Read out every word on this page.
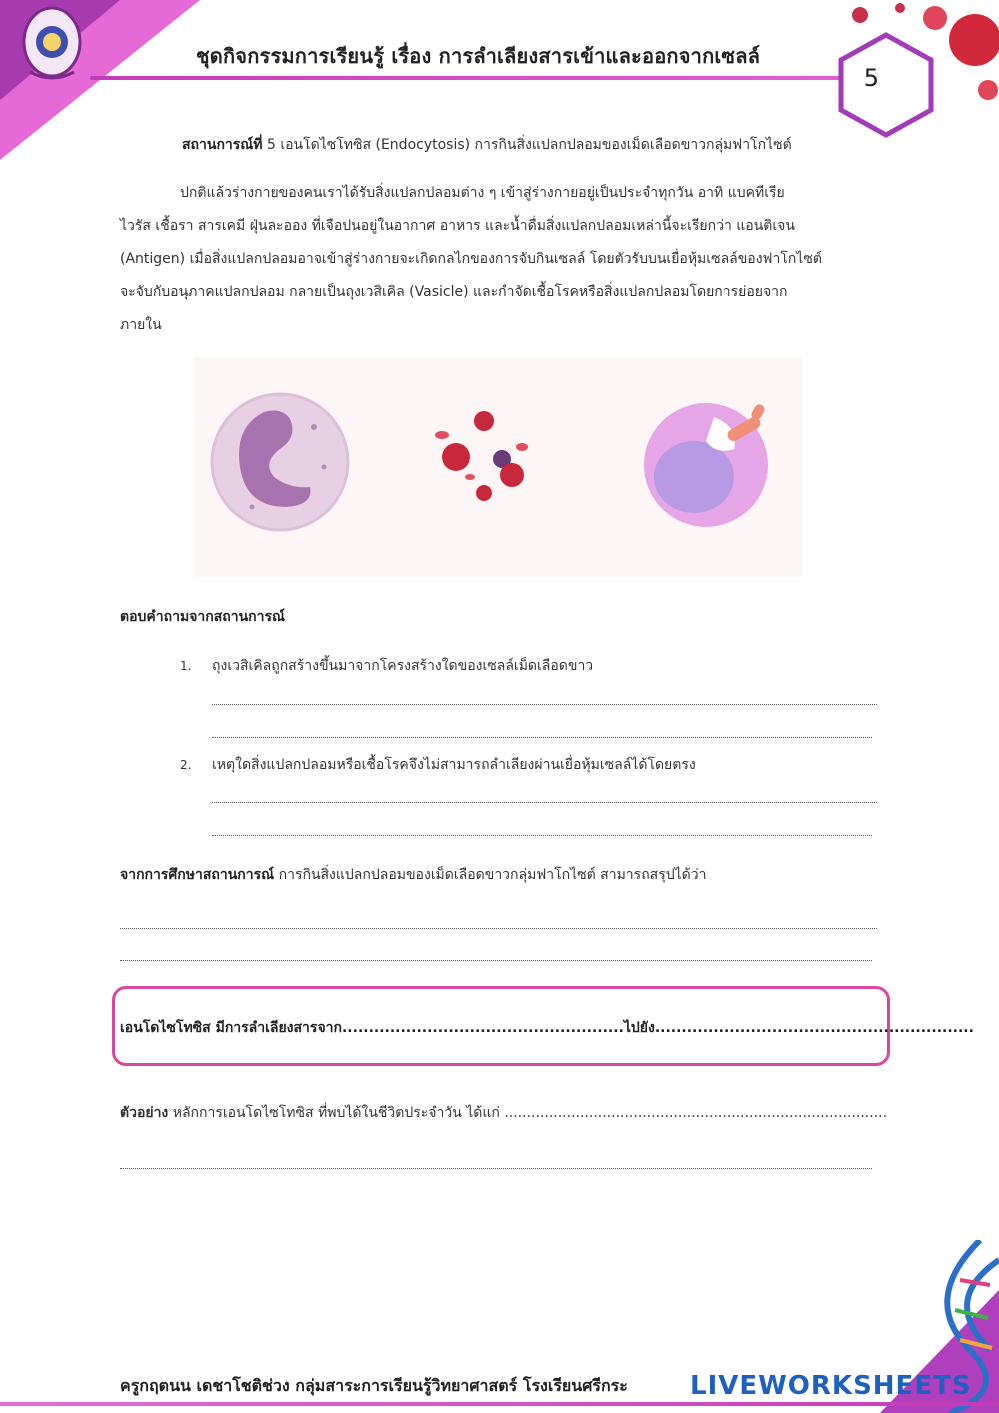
ชุดกิจกรรมการเรียนรู้ เรื่อง การลำเลียงสารเข้าและออกจากเซลล์
5
สถานการณ์ที่ 5 เอนโดไซโทซิส (Endocytosis) การกินสิ่งแปลกปลอมของเม็ดเลือดขาวกลุ่มฟาโกไซต์
ปกติแล้วร่างกายของคนเราได้รับสิ่งแปลกปลอมต่าง ๆ เข้าสู่ร่างกายอยู่เป็นประจำทุกวัน อาทิ แบคทีเรีย
ไวรัส เชื้อรา สารเคมี ฝุ่นละออง ที่เจือปนอยู่ในอากาศ อาหาร และน้ำดื่มสิ่งแปลกปลอมเหล่านี้จะเรียกว่า แอนติเจน
(Antigen) เมื่อสิ่งแปลกปลอมอาจเข้าสู่ร่างกายจะเกิดกลไกของการจับกินเซลล์ โดยตัวรับบนเยื่อหุ้มเซลล์ของฟาโกไซต์
จะจับกับอนุภาคแปลกปลอม กลายเป็นถุงเวสิเคิล (Vasicle) และกำจัดเชื้อโรคหรือสิ่งแปลกปลอมโดยการย่อยจาก
ภายใน
ตอบคำถามจากสถานการณ์
1. ถุงเวสิเคิลถูกสร้างขึ้นมาจากโครงสร้างใดของเซลล์เม็ดเลือดขาว
2. เหตุใดสิ่งแปลกปลอมหรือเชื้อโรคจึงไม่สามารถลำเลียงผ่านเยื่อหุ้มเซลล์ได้โดยตรง
จากการศึกษาสถานการณ์ การกินสิ่งแปลกปลอมของเม็ดเลือดขาวกลุ่มฟาโกไซต์ สามารถสรุปได้ว่า
เอนโดไซโทซิส มีการลำเลียงสารจาก.....................................................ไปยัง............................................................
ตัวอย่าง หลักการเอนโดไซโทซิส ที่พบได้ในชีวิตประจำวัน ได้แก่ ......................................................................................
ครูกฤตนน เดชาโชติช่วง กลุ่มสาระการเรียนรู้วิทยาศาสตร์ โรงเรียนศรีกระ LIVEWORKSHEETS
